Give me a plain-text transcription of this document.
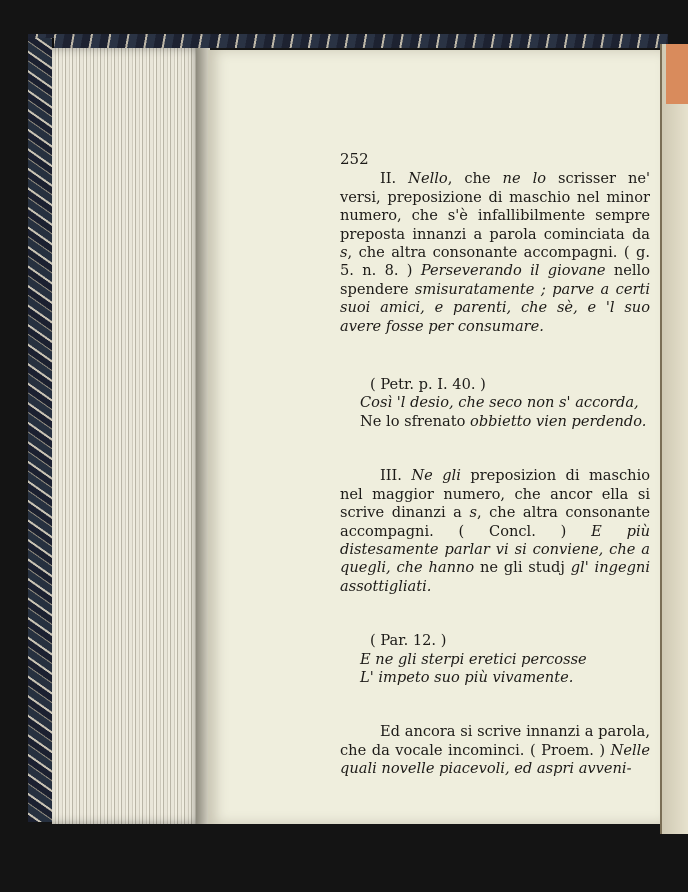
252

II. Nello, che ne lo scrisser ne' versi, preposizione di maschio nel minor numero, che s'è infallibilmente sempre preposta innanzi a parola cominciata da s, che altra consonante accompagni. ( g. 5. n. 8. ) Perseverando il giovane nello spendere smisuratamente ; parve a certi suoi amici, e parenti, che sè, e 'l suo avere fosse per consumare.

( Petr. p. I. 40. )

Così 'l desio, che seco non s' accorda,

Ne lo sfrenato obbietto vien perdendo.

III. Ne gli preposizion di maschio nel maggior numero, che ancor ella si scrive dinanzi a s, che altra consonante accompagni. ( Concl. ) E più distesamente parlar vi si conviene, che a quegli, che hanno ne gli studj gl' ingegni assottigliati.

( Par. 12. )

E ne gli sterpi eretici percosse

L' impeto suo più vivamente.

Ed ancora si scrive innanzi a parola, che da vocale incominci. ( Proem. ) Nelle quali novelle piacevoli, ed aspri avveni-
